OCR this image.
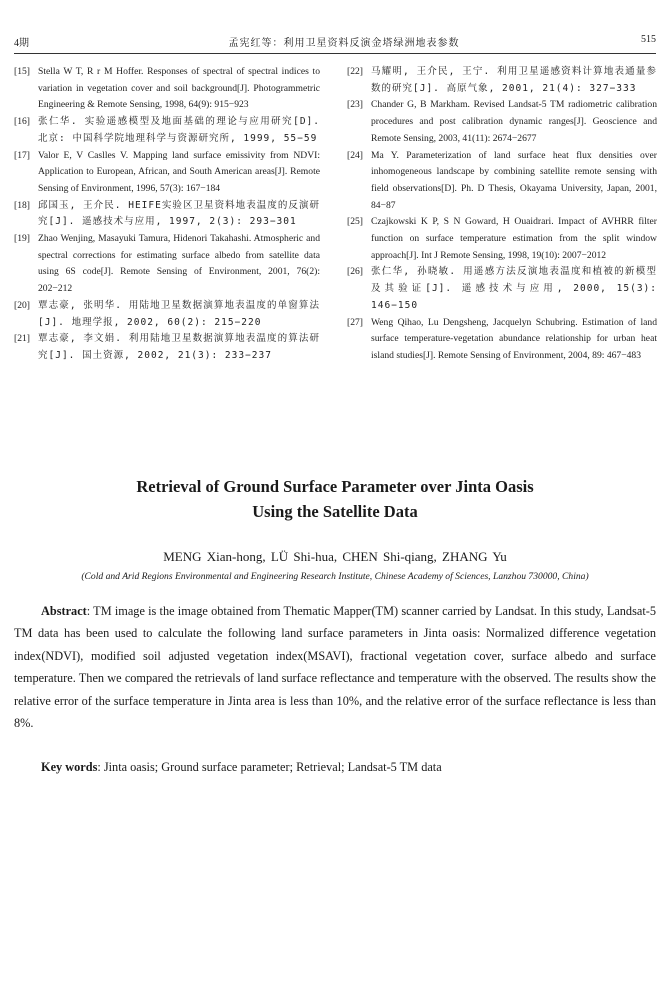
4期	孟宪红等：利用卫星资料反演金塔绿洲地表参数	515

[15] Stella W T, R r M Hoffer. Responses of spectral of spectral indices to variation in vegetation cover and soil background[J]. Photogrammetric Engineering & Remote Sensing, 1998, 64(9): 915−923

[16] 张仁华. 实验遥感模型及地面基础的理论与应用研究[D]. 北京: 中国科学院地理科学与资源研究所, 1999, 55−59

[17] Valor E, V Caslles V. Mapping land surface emissivity from NDVI: Application to European, African, and South American areas[J]. Remote Sensing of Environment, 1996, 57(3): 167−184

[18] 邱国玉, 王介民. HEIFE实验区卫星资料地表温度的反演研究[J]. 遥感技术与应用, 1997, 2(3): 293−301

[19] Zhao Wenjing, Masayuki Tamura, Hidenori Takahashi. Atmospheric and spectral corrections for estimating surface albedo from satellite data using 6S code[J]. Remote Sensing of Environment, 2001, 76(2): 202−212

[20] 覃志豪, 张明华. 用陆地卫星数据演算地表温度的单窗算法[J]. 地理学报, 2002, 60(2): 215−220

[21] 覃志豪, 李文娟. 利用陆地卫星数据演算地表温度的算法研究[J]. 国土资源, 2002, 21(3): 233−237

[22] 马耀明, 王介民, 王宁. 利用卫星遥感资料计算地表通量参数的研究[J]. 高原气象, 2001, 21(4): 327−333

[23] Chander G, B Markham. Revised Landsat-5 TM radiometric calibration procedures and post calibration dynamic ranges[J]. Geoscience and Remote Sensing, 2003, 41(11): 2674−2677

[24] Ma Y. Parameterization of land surface heat flux densities over inhomogeneous landscape by combining satellite remote sensing with field observations[D]. Ph. D Thesis, Okayama University, Japan, 2001, 84−87

[25] Czajkowski K P, S N Goward, H Ouaidrari. Impact of AVHRR filter function on surface temperature estimation from the split window approach[J]. Int J Remote Sensing, 1998, 19(10): 2007−2012

[26] 张仁华, 孙晓敏. 用遥感方法反演地表温度和植被的新模型及其验证[J]. 遥感技术与应用, 2000, 15(3): 146−150

[27] Weng Qihao, Lu Dengsheng, Jacquelyn Schubring. Estimation of land surface temperature-vegetation abundance relationship for urban heat island studies[J]. Remote Sensing of Environment, 2004, 89: 467−483

Retrieval of Ground Surface Parameter over Jinta Oasis
Using the Satellite Data
MENG Xian-hong, LÜ Shi-hua, CHEN Shi-qiang, ZHANG Yu
(Cold and Arid Regions Environmental and Engineering Research Institute, Chinese Academy of Sciences, Lanzhou 730000, China)

Abstract: TM image is the image obtained from Thematic Mapper(TM) scanner carried by Landsat. In this study, Landsat-5 TM data has been used to calculate the following land surface parameters in Jinta oasis: Normalized difference vegetation index(NDVI), modified soil adjusted vegetation index(MSAVI), fractional vegetation cover, surface albedo and surface temperature. Then we compared the retrievals of land surface reflectance and temperature with the observed. The results show the relative error of the surface temperature in Jinta area is less than 10%, and the relative error of the surface reflectance is less than 8%.

Key words: Jinta oasis; Ground surface parameter; Retrieval; Landsat-5 TM data
